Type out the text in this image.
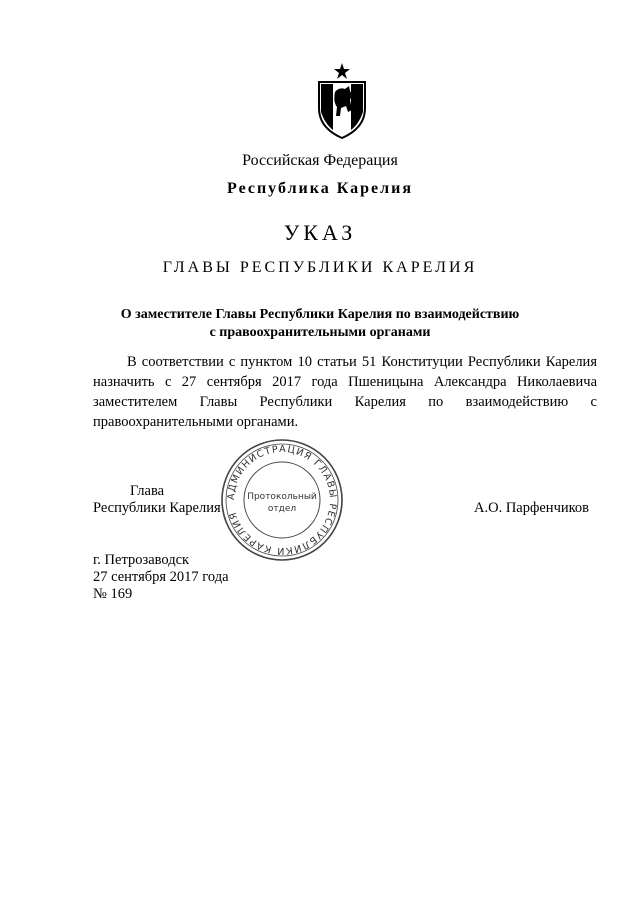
Российская Федерация
Республика Карелия
УКАЗ
ГЛАВЫ РЕСПУБЛИКИ КАРЕЛИЯ
О заместителе Главы Республики Карелия по взаимодействию
с правоохранительными органами

В соответствии с пунктом 10 статьи 51 Конституции Республики Карелия назначить с 27 сентября 2017 года Пшеницына Александра Николаевича заместителем Главы Республики Карелия по взаимодействию с правоохранительными органами.

АДМИНИСТРАЦИЯ ГЛАВЫ РЕСПУБЛИКИ КАРЕЛИЯ
Протокольный
отдел
Глава
Республики Карелия	А.О. Парфенчиков
г. Петрозаводск
27 сентября 2017 года
№ 169
